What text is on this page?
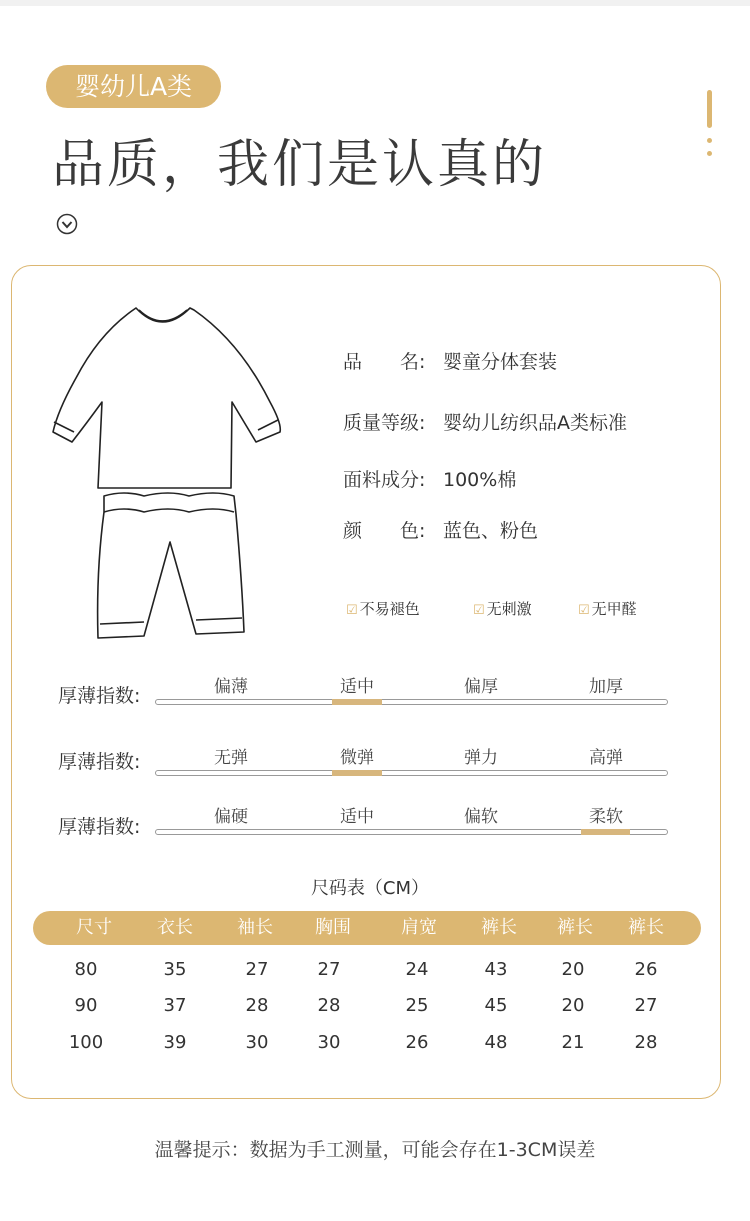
婴幼儿A类
品质，我们是认真的
品　　名: 婴童分体套装
质量等级: 婴幼儿纺织品A类标准
面料成分: 100%棉
颜　　色: 蓝色、粉色
☑ 不易褪色	☑ 无刺激	☑ 无甲醛
厚薄指数:	偏薄	适中	偏厚	加厚
厚薄指数:	无弹	微弹	弹力	高弹
厚薄指数:	偏硬	适中	偏软	柔软
尺码表（CM）
尺寸	衣长	袖长	胸围	肩宽	裤长	裤长	裤长
80	35	27	27	24	43	20	26
90	37	28	28	25	45	20	27
100	39	30	30	26	48	21	28
温馨提示：数据为手工测量，可能会存在1-3CM误差
